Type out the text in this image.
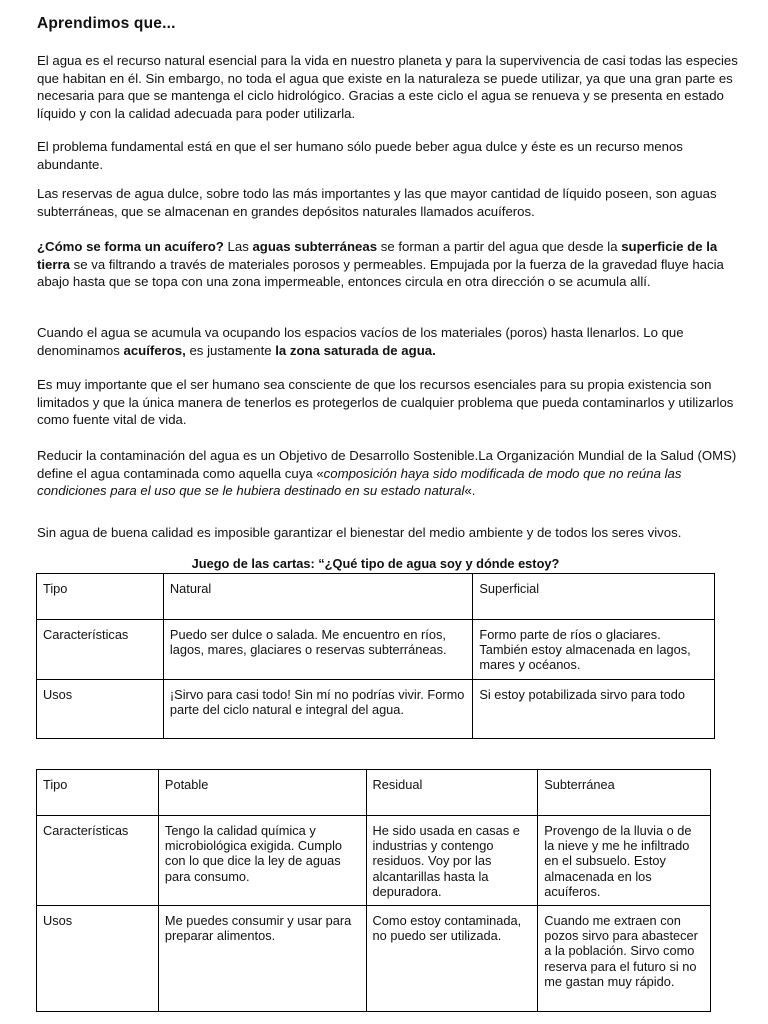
Aprendimos que...
El agua es el recurso natural esencial para la vida en nuestro planeta y para la supervivencia de casi todas las especies que habitan en él. Sin embargo, no toda el agua que existe en la naturaleza se puede utilizar, ya que una gran parte es necesaria para que se mantenga el ciclo hidrológico. Gracias a este ciclo el agua se renueva y se presenta en estado líquido y con la calidad adecuada para poder utilizarla.
El problema fundamental está en que el ser humano sólo puede beber agua dulce y éste es un recurso menos abundante.
Las reservas de agua dulce, sobre todo las más importantes y las que mayor cantidad de líquido poseen, son aguas subterráneas, que se almacenan en grandes depósitos naturales llamados acuíferos.
¿Cómo se forma un acuífero? Las aguas subterráneas se forman a partir del agua que desde la superficie de la tierra se va filtrando a través de materiales porosos y permeables. Empujada por la fuerza de la gravedad fluye hacia abajo hasta que se topa con una zona impermeable, entonces circula en otra dirección o se acumula allí.
Cuando el agua se acumula va ocupando los espacios vacíos de los materiales (poros) hasta llenarlos. Lo que denominamos acuíferos, es justamente la zona saturada de agua.
Es muy importante que el ser humano sea consciente de que los recursos esenciales para su propia existencia son limitados y que la única manera de tenerlos es protegerlos de cualquier problema que pueda contaminarlos y utilizarlos como fuente vital de vida.
Reducir la contaminación del agua es un Objetivo de Desarrollo Sostenible.La Organización Mundial de la Salud (OMS) define el agua contaminada como aquella cuya «composición haya sido modificada de modo que no reúna las condiciones para el uso que se le hubiera destinado en su estado natural«.
Sin agua de buena calidad es imposible garantizar el bienestar del medio ambiente y de todos los seres vivos.
Juego de las cartas: “¿Qué tipo de agua soy y dónde estoy?
Tipo	Natural	Superficial
Características	Puedo ser dulce o salada. Me encuentro en ríos, lagos, mares, glaciares o reservas subterráneas.	Formo parte de ríos o glaciares. También estoy almacenada en lagos, mares y océanos.
Usos	¡Sirvo para casi todo! Sin mí no podrías vivir. Formo parte del ciclo natural e integral del agua.	Si estoy potabilizada sirvo para todo
Tipo	Potable	Residual	Subterránea
Características	Tengo la calidad química y microbiológica exigida. Cumplo con lo que dice la ley de aguas para consumo.	He sido usada en casas e industrias y contengo residuos. Voy por las alcantarillas hasta la depuradora.	Provengo de la lluvia o de la nieve y me he infiltrado en el subsuelo. Estoy almacenada en los acuíferos.
Usos	Me puedes consumir y usar para preparar alimentos.	Como estoy contaminada, no puedo ser utilizada.	Cuando me extraen con pozos sirvo para abastecer a la población. Sirvo como reserva para el futuro si no me gastan muy rápido.
